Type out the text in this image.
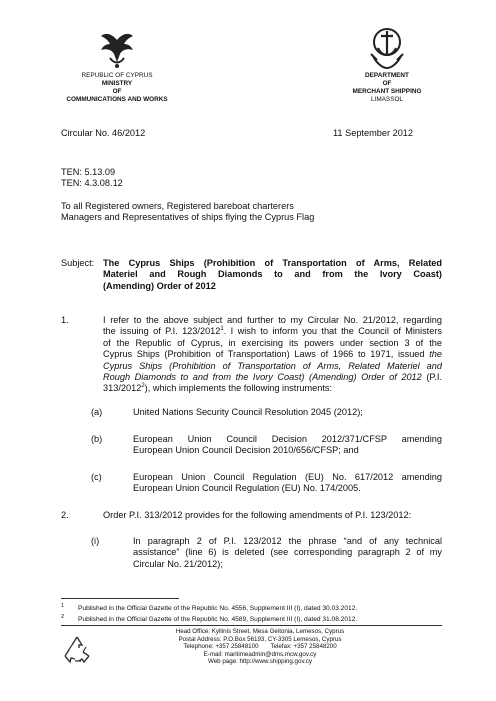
REPUBLIC OF CYPRUS
MINISTRY
OF
COMMUNICATIONS AND WORKS
DEPARTMENT
OF
MERCHANT SHIPPING
LIMASSOL
Circular No. 46/2012	11 September 2012
TEN: 5.13.09
TEN: 4.3.08.12
To all Registered owners, Registered bareboat charterers
Managers and Representatives of ships flying the Cyprus Flag
Subject: The Cyprus Ships (Prohibition of Transportation of Arms, Related
Materiel and Rough Diamonds to and from the Ivory Coast)
(Amending) Order of 2012
1.	I refer to the above subject and further to my Circular No. 21/2012, regarding
the issuing of P.I. 123/2012$^1$. I wish to inform you that the Council of Ministers
of the Republic of Cyprus, in exercising its powers under section 3 of the
Cyprus Ships (Prohibition of Transportation) Laws of 1966 to 1971, issued the
Cyprus Ships (Prohibition of Transportation of Arms, Related Materiel and
Rough Diamonds to and from the Ivory Coast) (Amending) Order of 2012 (P.I.
313/2012$^2$), which implements the following instruments:
(a)	United Nations Security Council Resolution 2045 (2012);
(b)	European Union Council Decision 2012/371/CFSP amending
European Union Council Decision 2010/656/CFSP; and
(c)	European Union Council Regulation (EU) No. 617/2012 amending
European Union Council Regulation (EU) No. 174/2005.
2.	Order P.I. 313/2012 provides for the following amendments of P.I. 123/2012:
(i)	In paragraph 2 of P.I. 123/2012 the phrase “and of any technical
assistance” (line 6) is deleted (see corresponding paragraph 2 of my
Circular No. 21/2012);
1 Published in the Official Gazette of the Republic No. 4556, Supplement III (I), dated 30.03.2012.
2 Published in the Official Gazette of the Republic No. 4589, Supplement III (I), dated 31.08.2012.
Head Office: Kyllinis Street, Mesa Geitonia, Lemesos, Cyprus
Postal Address: P.O.Box 56193, CY-3305 Lemesos, Cyprus
Telephone: +357 25848100       Telefax: +357 25848200
E-mail: maritimeadmin@dms.mcw.gov.cy
Web page: http://www.shipping.gov.cy
